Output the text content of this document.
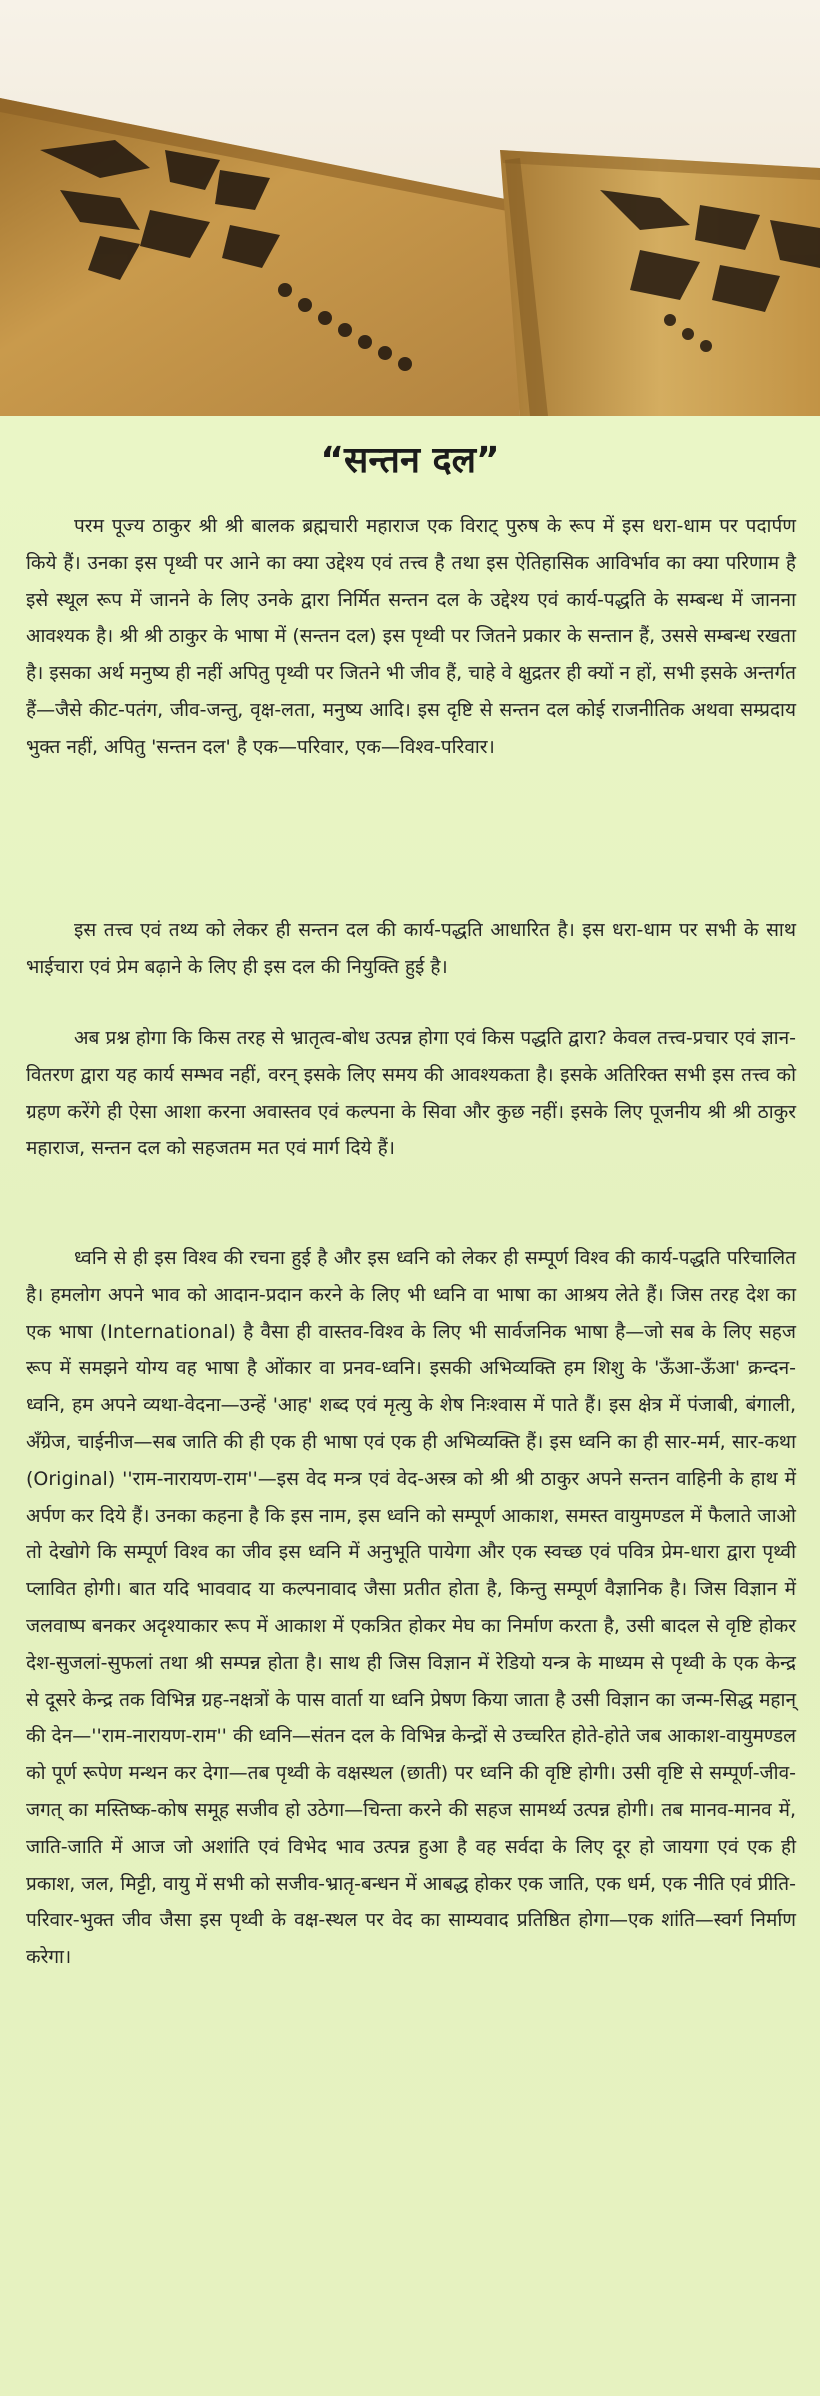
“सन्तन दल”

परम पूज्य ठाकुर श्री श्री बालक ब्रह्मचारी महाराज एक विराट् पुरुष के रूप में इस धरा-धाम पर पदार्पण किये हैं। उनका इस पृथ्वी पर आने का क्या उद्देश्य एवं तत्त्व है तथा इस ऐतिहासिक आविर्भाव का क्या परिणाम है इसे स्थूल रूप में जानने के लिए उनके द्वारा निर्मित सन्तन दल के उद्देश्य एवं कार्य-पद्धति के सम्बन्ध में जानना आवश्यक है। श्री श्री ठाकुर के भाषा में (सन्तन दल) इस पृथ्वी पर जितने प्रकार के सन्तान हैं, उससे सम्बन्ध रखता है। इसका अर्थ मनुष्य ही नहीं अपितु पृथ्वी पर जितने भी जीव हैं, चाहे वे क्षुद्रतर ही क्यों न हों, सभी इसके अन्तर्गत हैं—जैसे कीट-पतंग, जीव-जन्तु, वृक्ष-लता, मनुष्य आदि। इस दृष्टि से सन्तन दल कोई राजनीतिक अथवा सम्प्रदाय भुक्त नहीं, अपितु 'सन्तन दल' है एक—परिवार, एक—विश्व-परिवार।

इस तत्त्व एवं तथ्य को लेकर ही सन्तन दल की कार्य-पद्धति आधारित है। इस धरा-धाम पर सभी के साथ भाईचारा एवं प्रेम बढ़ाने के लिए ही इस दल की नियुक्ति हुई है।

अब प्रश्न होगा कि किस तरह से भ्रातृत्व-बोध उत्पन्न होगा एवं किस पद्धति द्वारा? केवल तत्त्व-प्रचार एवं ज्ञान-वितरण द्वारा यह कार्य सम्भव नहीं, वरन् इसके लिए समय की आवश्यकता है। इसके अतिरिक्त सभी इस तत्त्व को ग्रहण करेंगे ही ऐसा आशा करना अवास्तव एवं कल्पना के सिवा और कुछ नहीं। इसके लिए पूजनीय श्री श्री ठाकुर महाराज, सन्तन दल को सहजतम मत एवं मार्ग दिये हैं।

ध्वनि से ही इस विश्व की रचना हुई है और इस ध्वनि को लेकर ही सम्पूर्ण विश्व की कार्य-पद्धति परिचालित है। हमलोग अपने भाव को आदान-प्रदान करने के लिए भी ध्वनि वा भाषा का आश्रय लेते हैं। जिस तरह देश का एक भाषा (International) है वैसा ही वास्तव-विश्व के लिए भी सार्वजनिक भाषा है—जो सब के लिए सहज रूप में समझने योग्य वह भाषा है ओंकार वा प्रनव-ध्वनि। इसकी अभिव्यक्ति हम शिशु के 'ऊँआ-ऊँआ' क्रन्दन-ध्वनि, हम अपने व्यथा-वेदना—उन्हें 'आह' शब्द एवं मृत्यु के शेष निःश्वास में पाते हैं। इस क्षेत्र में पंजाबी, बंगाली, अँग्रेज, चाईनीज—सब जाति की ही एक ही भाषा एवं एक ही अभिव्यक्ति हैं। इस ध्वनि का ही सार-मर्म, सार-कथा (Original) ''राम-नारायण-राम''—इस वेद मन्त्र एवं वेद-अस्त्र को श्री श्री ठाकुर अपने सन्तन वाहिनी के हाथ में अर्पण कर दिये हैं। उनका कहना है कि इस नाम, इस ध्वनि को सम्पूर्ण आकाश, समस्त वायुमण्डल में फैलाते जाओ तो देखोगे कि सम्पूर्ण विश्व का जीव इस ध्वनि में अनुभूति पायेगा और एक स्वच्छ एवं पवित्र प्रेम-धारा द्वारा पृथ्वी प्लावित होगी। बात यदि भाववाद या कल्पनावाद जैसा प्रतीत होता है, किन्तु सम्पूर्ण वैज्ञानिक है। जिस विज्ञान में जलवाष्प बनकर अदृश्याकार रूप में आकाश में एकत्रित होकर मेघ का निर्माण करता है, उसी बादल से वृष्टि होकर देश-सुजलां-सुफलां तथा श्री सम्पन्न होता है। साथ ही जिस विज्ञान में रेडियो यन्त्र के माध्यम से पृथ्वी के एक केन्द्र से दूसरे केन्द्र तक विभिन्न ग्रह-नक्षत्रों के पास वार्ता या ध्वनि प्रेषण किया जाता है उसी विज्ञान का जन्म-सिद्ध महान् की देन—''राम-नारायण-राम'' की ध्वनि—संतन दल के विभिन्न केन्द्रों से उच्चरित होते-होते जब आकाश-वायुमण्डल को पूर्ण रूपेण मन्थन कर देगा—तब पृथ्वी के वक्षस्थल (छाती) पर ध्वनि की वृष्टि होगी। उसी वृष्टि से सम्पूर्ण-जीव-जगत् का मस्तिष्क-कोष समूह सजीव हो उठेगा—चिन्ता करने की सहज सामर्थ्य उत्पन्न होगी। तब मानव-मानव में, जाति-जाति में आज जो अशांति एवं विभेद भाव उत्पन्न हुआ है वह सर्वदा के लिए दूर हो जायगा एवं एक ही प्रकाश, जल, मिट्टी, वायु में सभी को सजीव-भ्रातृ-बन्धन में आबद्ध होकर एक जाति, एक धर्म, एक नीति एवं प्रीति-परिवार-भुक्त जीव जैसा इस पृथ्वी के वक्ष-स्थल पर वेद का साम्यवाद प्रतिष्ठित होगा—एक शांति—स्वर्ग निर्माण करेगा।
